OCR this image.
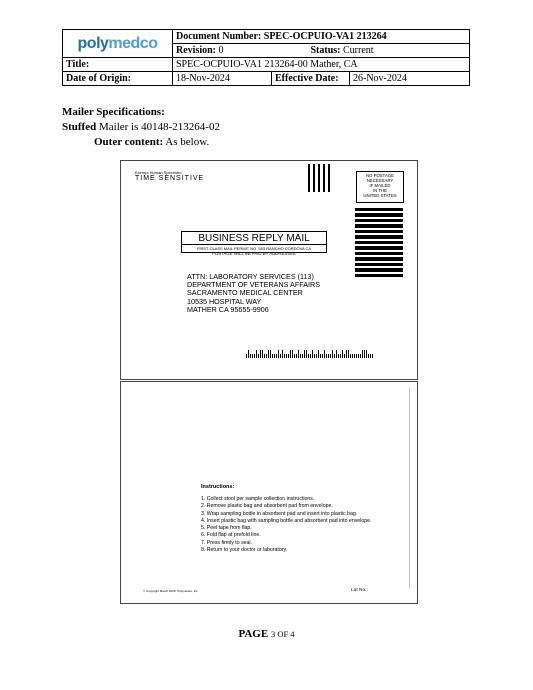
polymedco	Document Number: SPEC-OCPUIO-VA1 213264		
	Revision: 0 Status: Current		
Title:	SPEC-OCPUIO-VA1 213264-00 Mather, CA		
Date of Origin:	18-Nov-2024	Effective Date:	26-Nov-2024
Mailer Specifications:
Stuffed Mailer is 40148-213264-02
Outer content: As below.
Exempt Human Specimen
TIME SENSITIVE	NO POSTAGE
NECESSARY
IF MAILED
IN THE
UNITED STATES
BUSINESS REPLY MAIL
FIRST-CLASS MAIL PERMIT NO. 553 RANCHO CORDOVA CA
POSTAGE WILL BE PAID BY ADDRESSEE
ATTN: LABORATORY SERVICES (113)
DEPARTMENT OF VETERANS AFFAIRS
SACRAMENTO MEDICAL CENTER
10535 HOSPITAL WAY
MATHER CA 95655-9906
Instructions:
1. Collect stool per sample collection instructions.
2. Remove plastic bag and absorbent pad from envelope.
3. Wrap sampling bottle in absorbent pad and insert into plastic bag.
4. Insert plastic bag with sampling bottle and absorbent pad into envelope.
5. Peel tape from flap.
6. Fold flap at prefold line.
7. Press firmly to seal.
8. Return to your doctor or laboratory.
© Copyright March 2005, Polymedco, Inc.	Lot No.:
PAGE 3 OF 4
